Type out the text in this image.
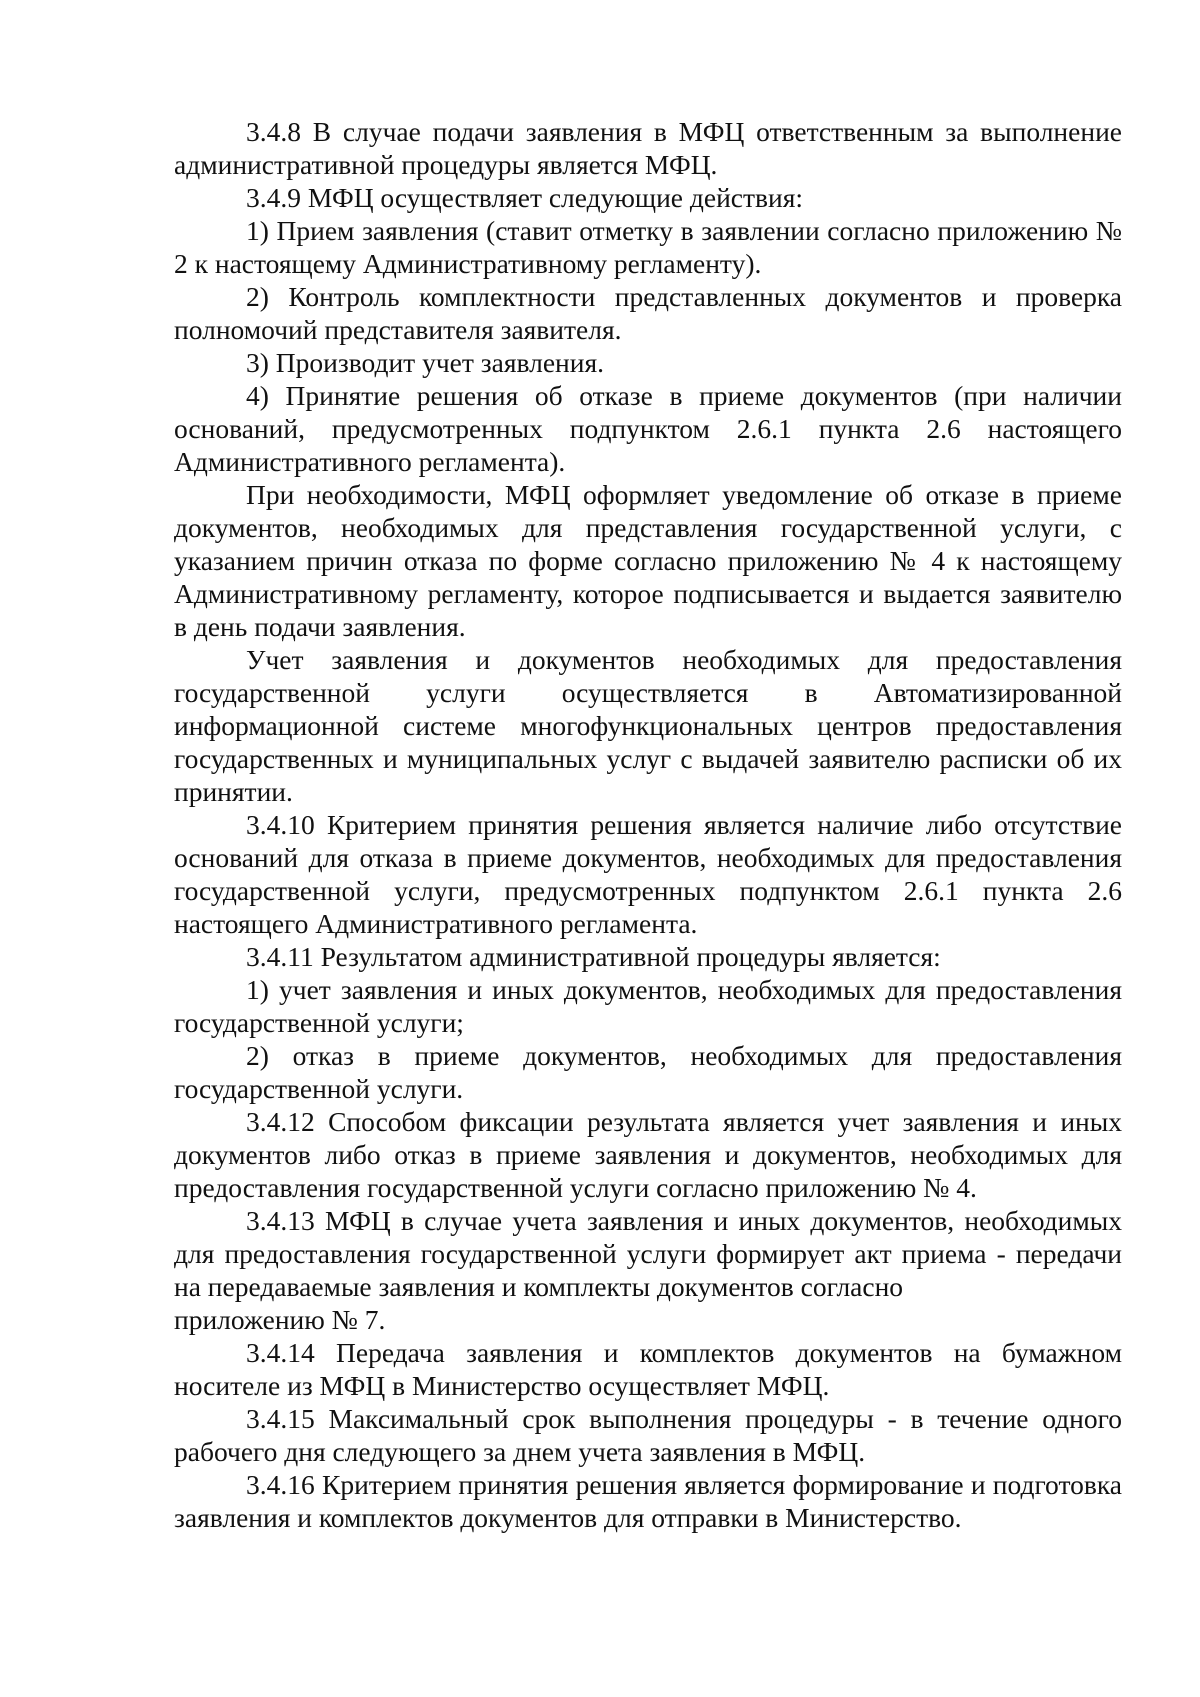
3.4.8 В случае подачи заявления в МФЦ ответственным за выполнение административной процедуры является МФЦ.

3.4.9 МФЦ осуществляет следующие действия:

1) Прием заявления (ставит отметку в заявлении согласно приложению № 2 к настоящему Административному регламенту).

2) Контроль комплектности представленных документов и проверка полномочий представителя заявителя.

3) Производит учет заявления.

4) Принятие решения об отказе в приеме документов (при наличии оснований, предусмотренных подпунктом 2.6.1 пункта 2.6 настоящего Административного регламента).

При необходимости, МФЦ оформляет уведомление об отказе в приеме документов, необходимых для представления государственной услуги, с указанием причин отказа по форме согласно приложению № 4 к настоящему Административному регламенту, которое подписывается и выдается заявителю в день подачи заявления.

Учет заявления и документов необходимых для предоставления государственной услуги осуществляется в Автоматизированной информационной системе многофункциональных центров предоставления государственных и муниципальных услуг с выдачей заявителю расписки об их принятии.

3.4.10 Критерием принятия решения является наличие либо отсутствие оснований для отказа в приеме документов, необходимых для предоставления государственной услуги, предусмотренных подпунктом 2.6.1 пункта 2.6 настоящего Административного регламента.

3.4.11 Результатом административной процедуры является:

1) учет заявления и иных документов, необходимых для предоставления государственной услуги;

2) отказ в приеме документов, необходимых для предоставления государственной услуги.

3.4.12 Способом фиксации результата является учет заявления и иных документов либо отказ в приеме заявления и документов, необходимых для предоставления государственной услуги согласно приложению № 4.

3.4.13 МФЦ в случае учета заявления и иных документов, необходимых для предоставления государственной услуги формирует акт приема - передачи на передаваемые заявления и комплекты документов согласно

приложению № 7.

3.4.14 Передача заявления и комплектов документов на бумажном носителе из МФЦ в Министерство осуществляет МФЦ.

3.4.15 Максимальный срок выполнения процедуры - в течение одного рабочего дня следующего за днем учета заявления в МФЦ.

3.4.16 Критерием принятия решения является формирование и подготовка заявления и комплектов документов для отправки в Министерство.
